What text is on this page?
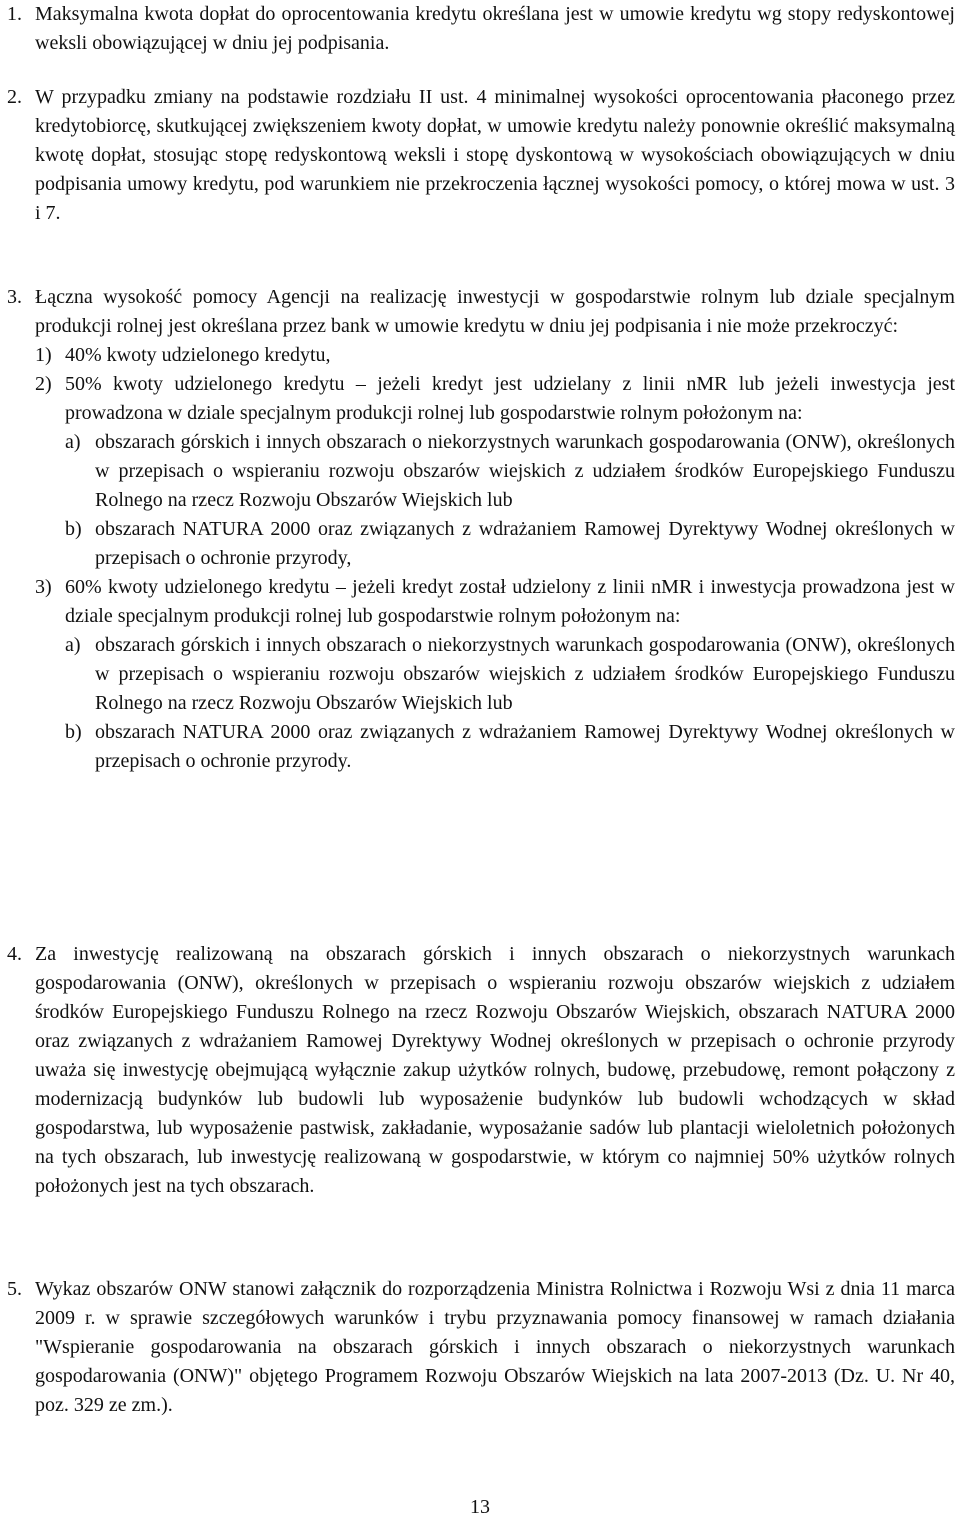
1. Maksymalna kwota dopłat do oprocentowania kredytu określana jest w umowie kredytu wg stopy redyskontowej weksli obowiązującej w dniu jej podpisania.
2. W przypadku zmiany na podstawie rozdziału II ust. 4 minimalnej wysokości oprocentowania płaconego przez kredytobiorcę, skutkującej zwiększeniem kwoty dopłat, w umowie kredytu należy ponownie określić maksymalną kwotę dopłat, stosując stopę redyskontową weksli i stopę dyskontową w wysokościach obowiązujących w dniu podpisania umowy kredytu, pod warunkiem nie przekroczenia łącznej wysokości pomocy, o której mowa w ust. 3 i 7.
3. Łączna wysokość pomocy Agencji na realizację inwestycji w gospodarstwie rolnym lub dziale specjalnym produkcji rolnej jest określana przez bank w umowie kredytu w dniu jej podpisania i nie może przekroczyć:
1) 40% kwoty udzielonego kredytu,
2) 50% kwoty udzielonego kredytu – jeżeli kredyt jest udzielany z linii nMR lub jeżeli inwestycja jest prowadzona w dziale specjalnym produkcji rolnej lub gospodarstwie rolnym położonym na:
a) obszarach górskich i innych obszarach o niekorzystnych warunkach gospodarowania (ONW), określonych w przepisach o wspieraniu rozwoju obszarów wiejskich z udziałem środków Europejskiego Funduszu Rolnego na rzecz Rozwoju Obszarów Wiejskich lub
b) obszarach NATURA 2000 oraz związanych z wdrażaniem Ramowej Dyrektywy Wodnej określonych w przepisach o ochronie przyrody,
3) 60% kwoty udzielonego kredytu – jeżeli kredyt został udzielony z linii nMR i inwestycja prowadzona jest w dziale specjalnym produkcji rolnej lub gospodarstwie rolnym położonym na:
a) obszarach górskich i innych obszarach o niekorzystnych warunkach gospodarowania (ONW), określonych w przepisach o wspieraniu rozwoju obszarów wiejskich z udziałem środków Europejskiego Funduszu Rolnego na rzecz Rozwoju Obszarów Wiejskich lub
b) obszarach NATURA 2000 oraz związanych z wdrażaniem Ramowej Dyrektywy Wodnej określonych w przepisach o ochronie przyrody.
4. Za inwestycję realizowaną na obszarach górskich i innych obszarach o niekorzystnych warunkach gospodarowania (ONW), określonych w przepisach o wspieraniu rozwoju obszarów wiejskich z udziałem środków Europejskiego Funduszu Rolnego na rzecz Rozwoju Obszarów Wiejskich, obszarach NATURA 2000 oraz związanych z wdrażaniem Ramowej Dyrektywy Wodnej określonych w przepisach o ochronie przyrody uważa się inwestycję obejmującą wyłącznie zakup użytków rolnych, budowę, przebudowę, remont połączony z modernizacją budynków lub budowli lub wyposażenie budynków lub budowli wchodzących w skład gospodarstwa, lub wyposażenie pastwisk, zakładanie, wyposażanie sadów lub plantacji wieloletnich położonych na tych obszarach, lub inwestycję realizowaną w gospodarstwie, w którym co najmniej 50% użytków rolnych położonych jest na tych obszarach.
5. Wykaz obszarów ONW stanowi załącznik do rozporządzenia Ministra Rolnictwa i Rozwoju Wsi z dnia 11 marca 2009 r. w sprawie szczegółowych warunków i trybu przyznawania pomocy finansowej w ramach działania "Wspieranie gospodarowania na obszarach górskich i innych obszarach o niekorzystnych warunkach gospodarowania (ONW)" objętego Programem Rozwoju Obszarów Wiejskich na lata 2007-2013 (Dz. U. Nr 40, poz. 329 ze zm.).
13
